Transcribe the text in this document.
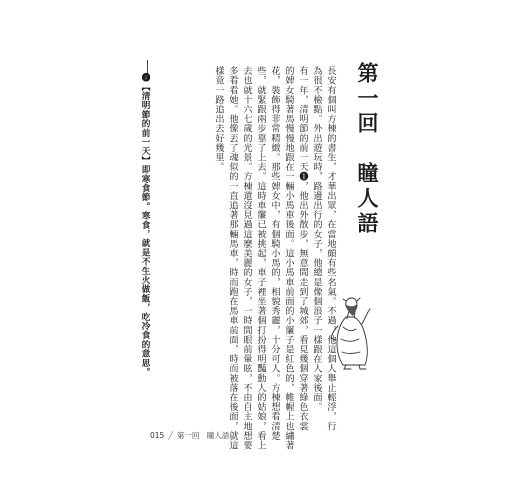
第一回　瞳人語
長安有個叫方棟的書生，才華出眾，在當地頗有些名氣。不過，他這個人舉止輕浮，行
為很不檢點。外出遊玩時，路邊出行的女子，他總是像個浪子一樣跟在人家後面。
有一年，清明節的前一天❶，他出外散步，無意間走到了城郊，看見幾個穿著綠色衣裳
的婢女騎著馬慢慢地跟在一輛小馬車後面。這小馬車前面的小簾子是紅色的，帷幄上也繡著
花，裝飾得非常精緻。那些婢女中，有個騎小馬的，相貌秀麗，十分可人。方棟想看清楚
些，就緊跟兩步靠了上去。這時車簾已被挑起，車子裡坐著個打扮得明豔動人的姑娘，看上
去也就十六七歲的光景。方棟還沒見過這麼美麗的女子，一時間眼前暈眩，不由自主地想要
多看看她。他像丟了魂似的一直追著那輛馬車，時而跑在馬車前面，時而被落在後面，就這
樣竟一路追出去好幾里。
❶【清明節的前一天】即寒食節。寒食，就是不生火做飯，吃冷食的意思。
015 ╱ 第一回　瞳人語
